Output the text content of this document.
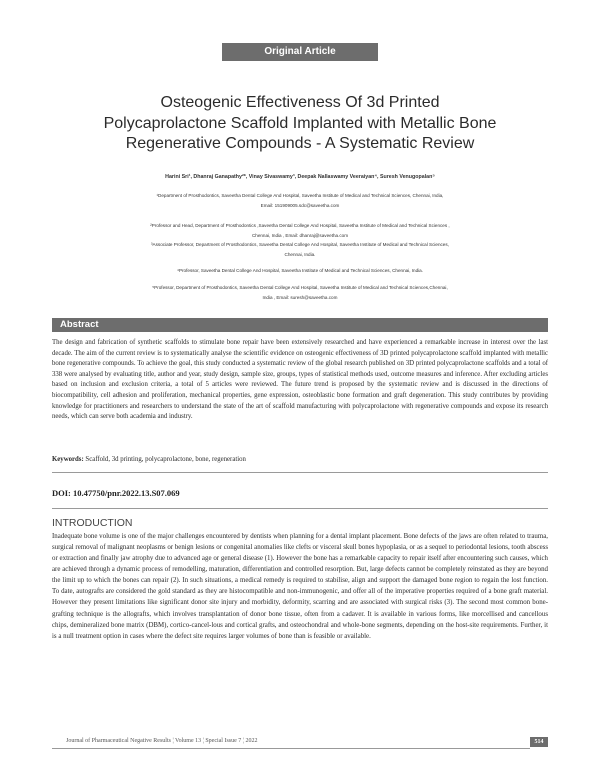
Original Article
Osteogenic Effectiveness Of 3d Printed
Polycaprolactone Scaffold Implanted with Metallic Bone
Regenerative Compounds - A Systematic Review
Harini Sri¹, Dhanraj Ganapathy²*, Vinay Sivaswamy³, Deepak Nallaswamy Veeraiyan⁴, Suresh Venugopalan⁵
¹Department of Prosthodontics, Saveetha Dental College And Hospital, Saveetha Institute of Medical and Technical Sciences, Chennai, India,
Email: 151909005.sdc@saveetha.com
²Professor and Head, Department of Prosthodontics ,Saveetha Dental College And Hospital, Saveetha Institute of Medical and Technical Sciences ,
Chennai, India , Email: dhanraj@saveetha.com
³Associate Professor, Department of Prosthodontics, Saveetha Dental College And Hospital, Saveetha Institute of Medical and Technical Sciences,
Chennai, India.
⁴Professor, Saveetha Dental College And Hospital, Saveetha Institute of Medical and Technical Sciences, Chennai, India.
⁵Professor, Department of Prosthodontics, Saveetha Dental College And Hospital, Saveetha Institute of Medical and Technical Sciences,Chennai,
India , Email: suresh@saveetha.com
Abstract
The design and fabrication of synthetic scaffolds to stimulate bone repair have been extensively researched and have experienced a remarkable increase in interest over the last decade. The aim of the current review is to systematically analyse the scientific evidence on osteogenic effectiveness of 3D printed polycaprolactone scaffold implanted with metallic bone regenerative compounds. To achieve the goal, this study conducted a systematic review of the global research published on 3D printed polycaprolactone scaffolds and a total of 338 were analysed by evaluating title, author and year, study design, sample size, groups, types of statistical methods used, outcome measures and inference. After excluding articles based on inclusion and exclusion criteria, a total of 5 articles were reviewed. The future trend is proposed by the systematic review and is discussed in the directions of biocompatibility, cell adhesion and proliferation, mechanical properties, gene expression, osteoblastic bone formation and graft degeneration. This study contributes by providing knowledge for practitioners and researchers to understand the state of the art of scaffold manufacturing with polycaprolactone with regenerative compounds and expose its research needs, which can serve both academia and industry.
Keywords: Scaffold, 3d printing, polycaprolactone, bone, regeneration
DOI: 10.47750/pnr.2022.13.S07.069
INTRODUCTION
Inadequate bone volume is one of the major challenges encountered by dentists when planning for a dental implant placement. Bone defects of the jaws are often related to trauma, surgical removal of malignant neoplasms or benign lesions or congenital anomalies like clefts or visceral skull bones hypoplasia, or as a sequel to periodontal lesions, tooth abscess or extraction and finally jaw atrophy due to advanced age or general disease (1). However the bone has a remarkable capacity to repair itself after encountering such causes, which are achieved through a dynamic process of remodelling, maturation, differentiation and controlled resorption. But, large defects cannot be completely reinstated as they are beyond the limit up to which the bones can repair (2). In such situations, a medical remedy is required to stabilise, align and support the damaged bone region to regain the lost function. To date, autografts are considered the gold standard as they are histocompatible and non-immunogenic, and offer all of the imperative properties required of a bone graft material. However they present limitations like significant donor site injury and morbidity, deformity, scarring and are associated with surgical risks (3). The second most common bone-grafting technique is the allografts, which involves transplantation of donor bone tissue, often from a cadaver. It is available in various forms, like morcellised and cancellous chips, demineralized bone matrix (DBM), cortico-cancel-lous and cortical grafts, and osteochondral and whole-bone segments, depending on the host-site requirements. Further, it is a null treatment option in cases where the defect site requires larger volumes of bone than is feasible or available.
Journal of Pharmaceutical Negative Results ¦ Volume 13 ¦ Special Issue 7 ¦ 2022	514
